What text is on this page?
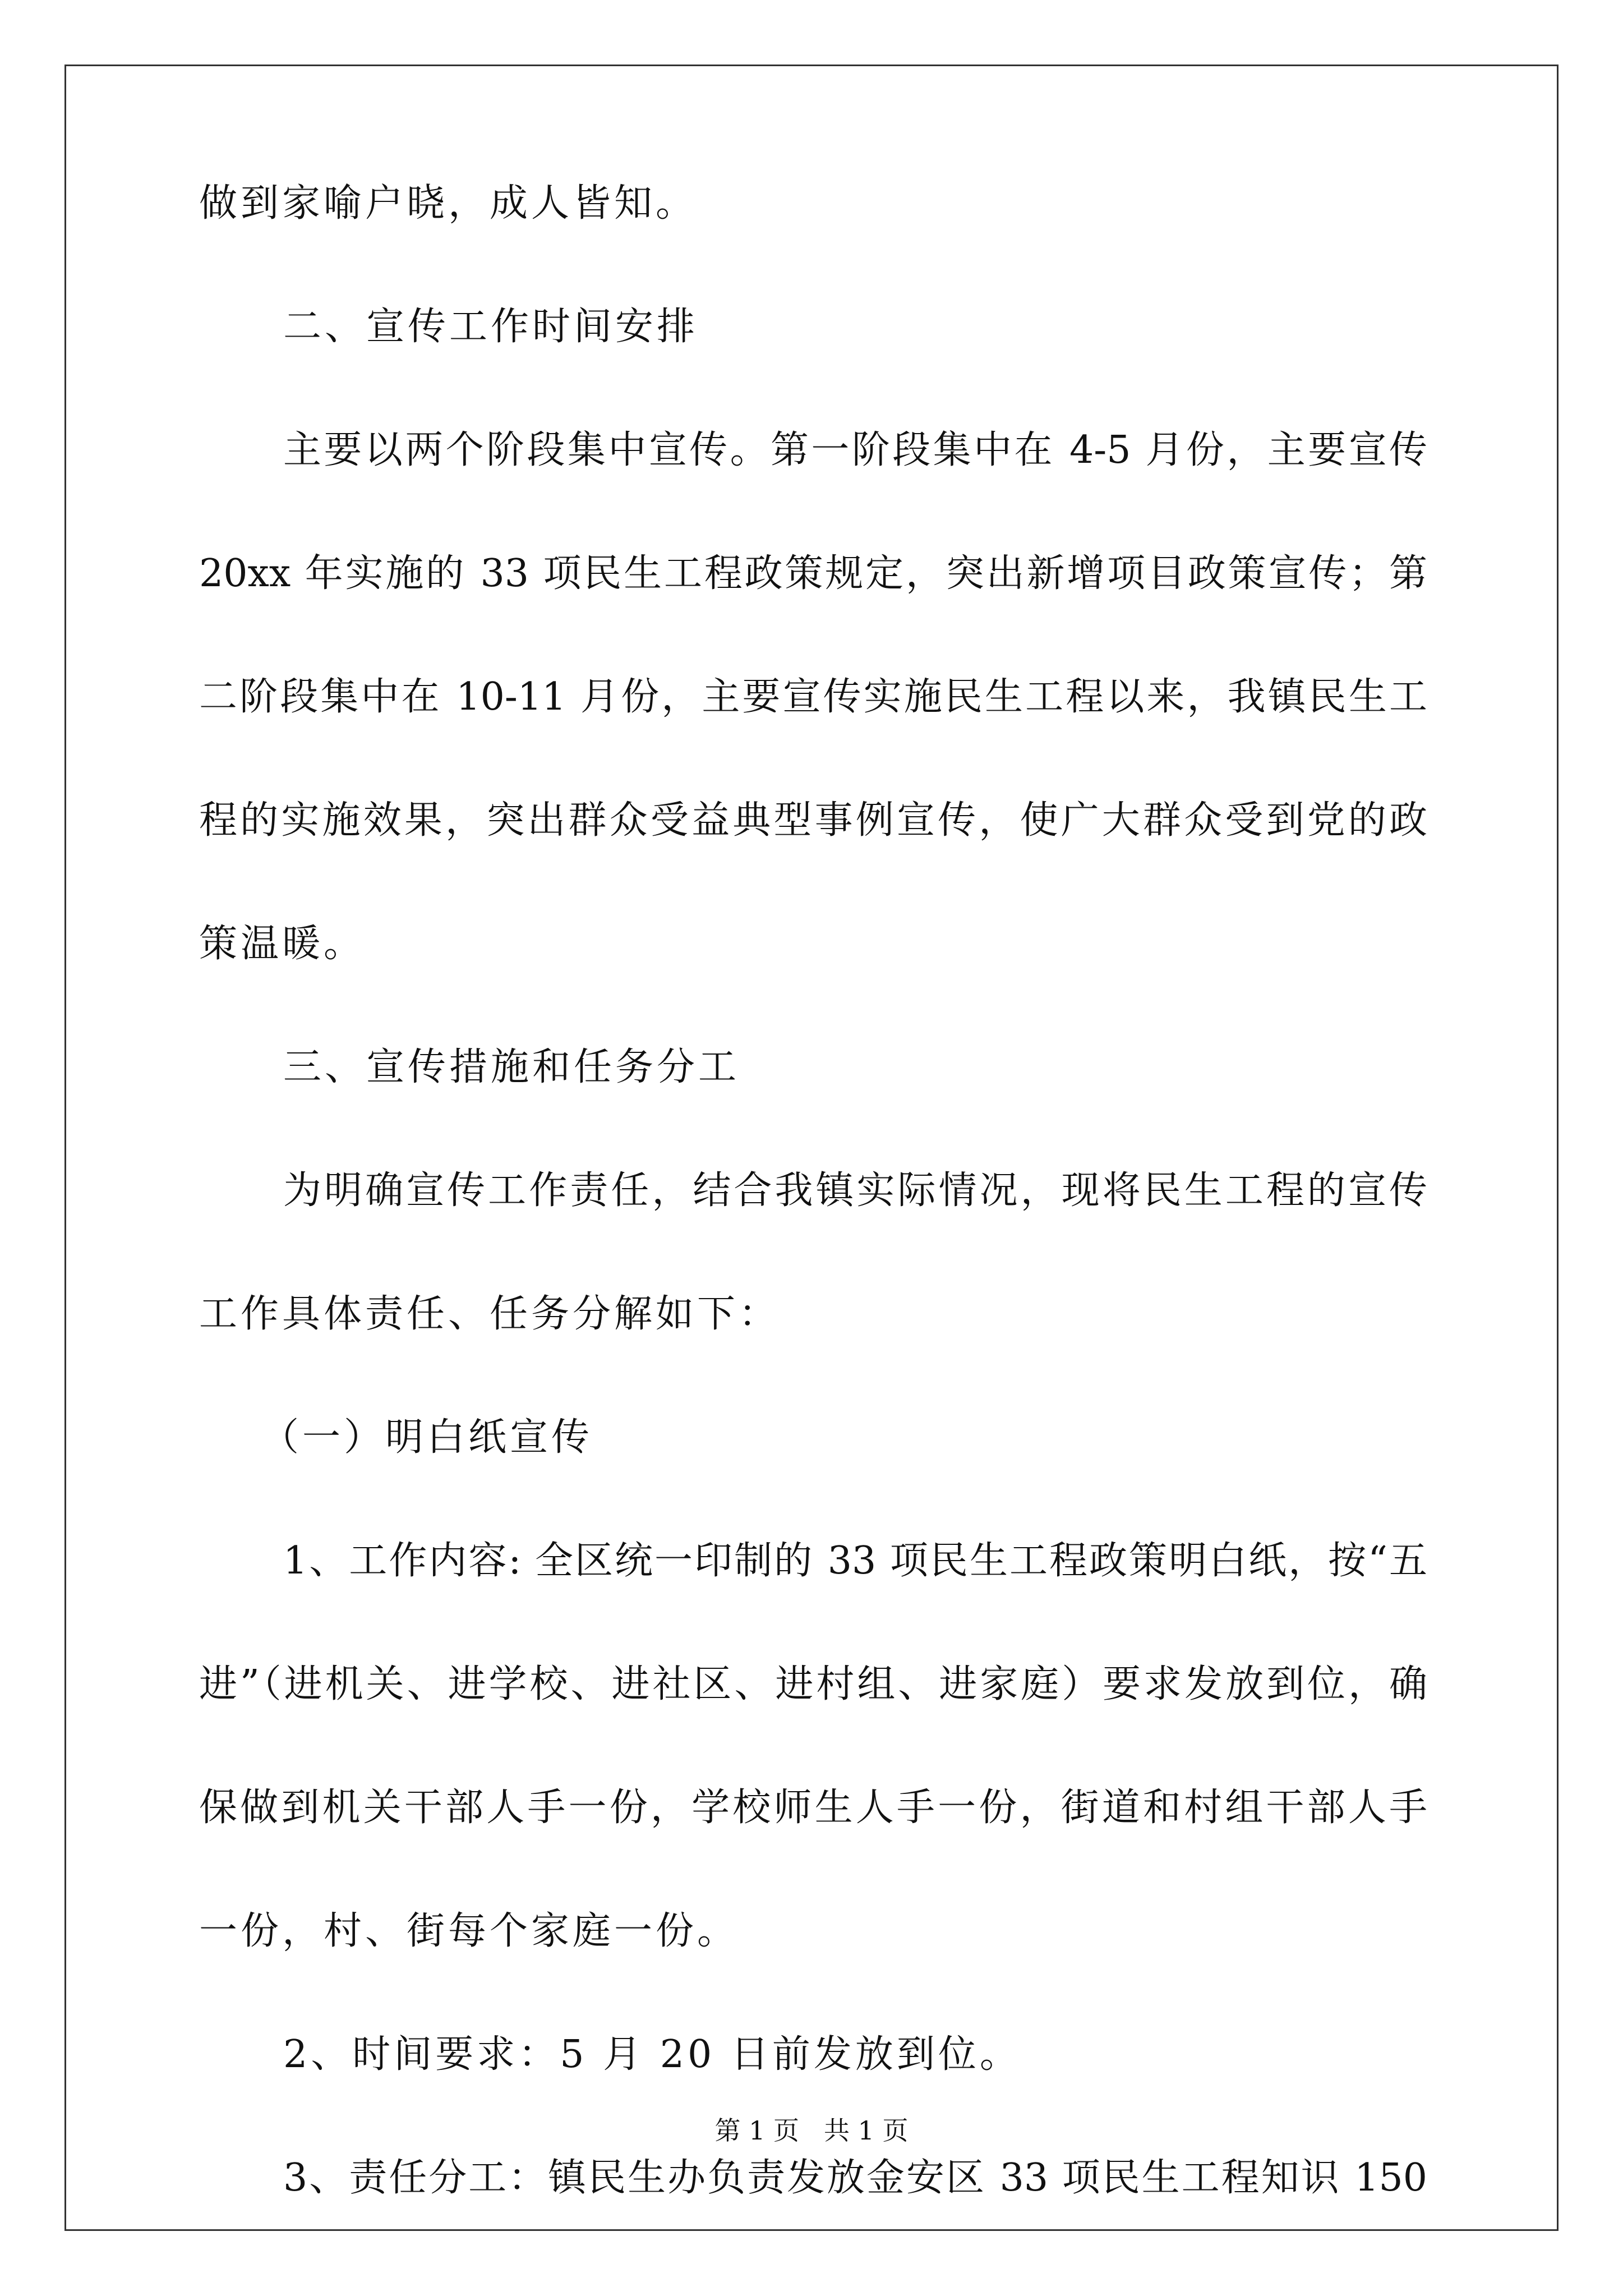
做到家喻户晓，成人皆知。
二、宣传工作时间安排
主要以两个阶段集中宣传。第一阶段集中在 4-5 月份，主要宣传
20xx 年实施的 33 项民生工程政策规定，突出新增项目政策宣传；第
二阶段集中在 10-11 月份，主要宣传实施民生工程以来，我镇民生工
程的实施效果，突出群众受益典型事例宣传，使广大群众受到党的政
策温暖。
三、宣传措施和任务分工
为明确宣传工作责任，结合我镇实际情况，现将民生工程的宣传
工作具体责任、任务分解如下：
（一）明白纸宣传
1、工作内容: 全区统一印制的 33 项民生工程政策明白纸，按“五
进”（进机关、进学校、进社区、进村组、进家庭）要求发放到位，确
保做到机关干部人手一份，学校师生人手一份，街道和村组干部人手
一份，村、街每个家庭一份。
2、时间要求：5 月 20 日前发放到位。
3、责任分工：镇民生办负责发放金安区 33 项民生工程知识 150
第 1 页 共 1 页
